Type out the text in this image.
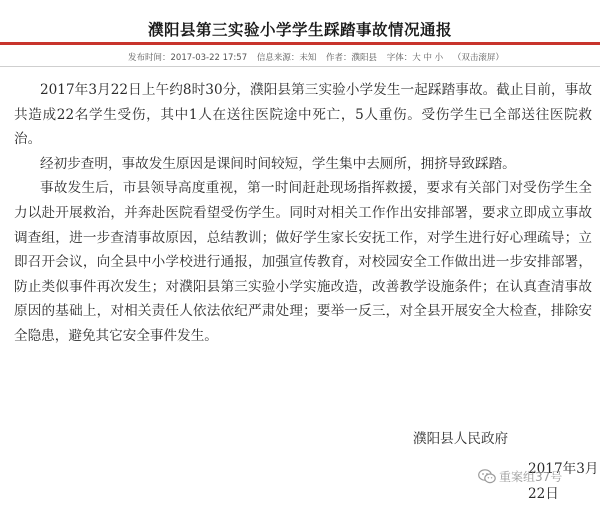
濮阳县第三实验小学学生踩踏事故情况通报
发布时间：2017-03-22 17:57 信息来源：未知 作者：濮阳县 字体：大 中 小 （双击滚屏）

2017年3月22日上午约8时30分，濮阳县第三实验小学发生一起踩踏事故。截止目前，事故共造成22名学生受伤，其中1人在送往医院途中死亡，5人重伤。受伤学生已全部送往医院救治。

经初步查明，事故发生原因是课间时间较短，学生集中去厕所，拥挤导致踩踏。

事故发生后，市县领导高度重视，第一时间赶赴现场指挥救援，要求有关部门对受伤学生全力以赴开展救治，并奔赴医院看望受伤学生。同时对相关工作作出安排部署，要求立即成立事故调查组，进一步查清事故原因，总结教训；做好学生家长安抚工作，对学生进行好心理疏导；立即召开会议，向全县中小学校进行通报，加强宣传教育，对校园安全工作做出进一步安排部署，防止类似事件再次发生；对濮阳县第三实验小学实施改造，改善教学设施条件；在认真查清事故原因的基础上，对相关责任人依法依纪严肃处理；要举一反三，对全县开展安全大检查，排除安全隐患，避免其它安全事件发生。

濮阳县人民政府
2017年3月
22日
重案组37号
